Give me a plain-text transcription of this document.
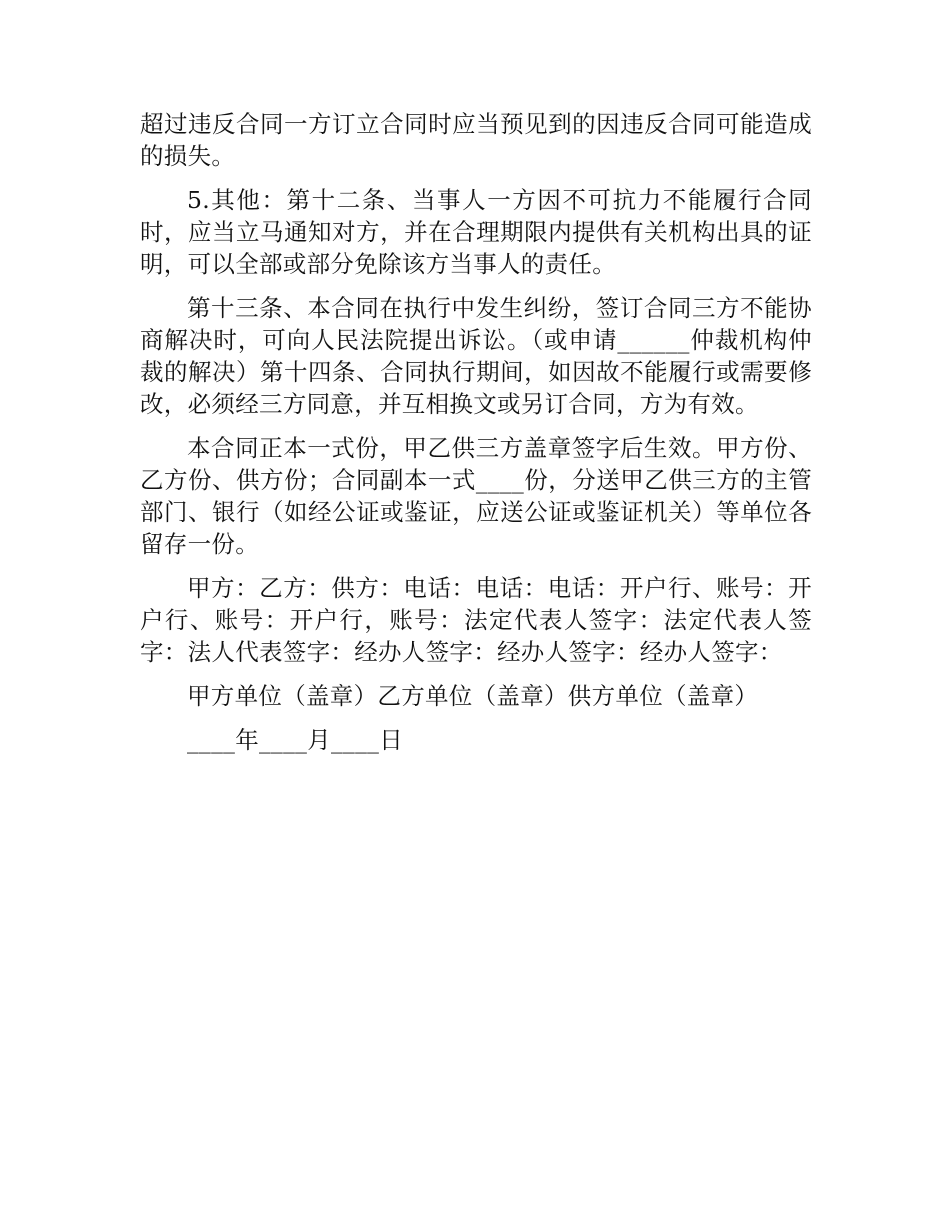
超过违反合同一方订立合同时应当预见到的因违反合同可能造成的损失。

5.其他：第十二条、当事人一方因不可抗力不能履行合同时，应当立马通知对方，并在合理期限内提供有关机构出具的证明，可以全部或部分免除该方当事人的责任。

第十三条、本合同在执行中发生纠纷，签订合同三方不能协商解决时，可向人民法院提出诉讼。（或申请______仲裁机构仲裁的解决）第十四条、合同执行期间，如因故不能履行或需要修改，必须经三方同意，并互相换文或另订合同，方为有效。

本合同正本一式份，甲乙供三方盖章签字后生效。甲方份、乙方份、供方份；合同副本一式____份，分送甲乙供三方的主管部门、银行（如经公证或鉴证，应送公证或鉴证机关）等单位各留存一份。

甲方：乙方：供方：电话：电话：电话：开户行、账号：开户行、账号：开户行，账号：法定代表人签字：法定代表人签字：法人代表签字：经办人签字：经办人签字：经办人签字：

甲方单位（盖章）乙方单位（盖章）供方单位（盖章）

____年____月____日
